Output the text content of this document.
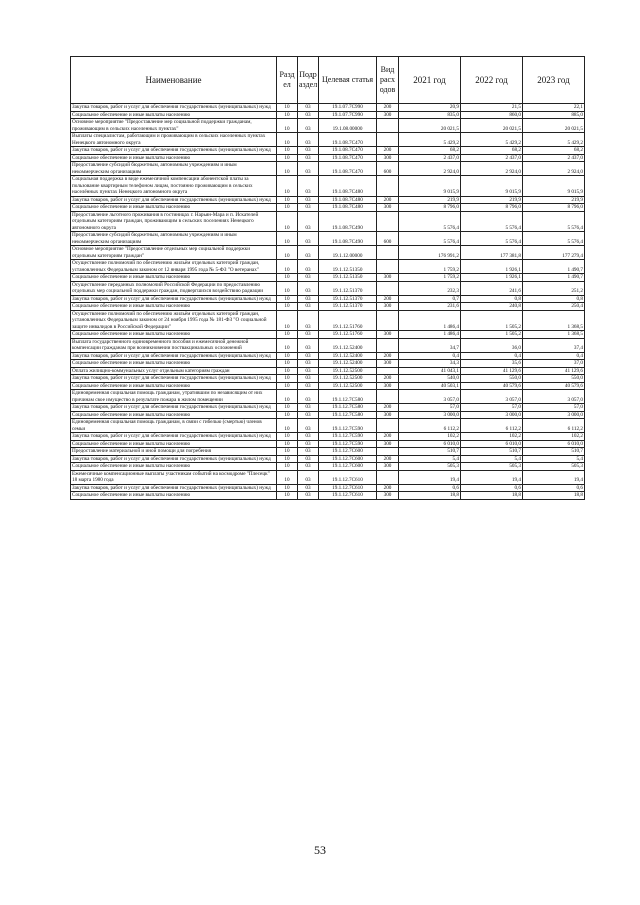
Наименование	Разд ел	Подр аздел	Целевая статья	Вид расх одов	2021 год	2022 год	2023 год
Закупка товаров, работ и услуг для обеспечения государственных (муниципальных) нужд	10	03	19.1.07.7C990	200	20,9	21,5	22,1
Социальное обеспечение и иные выплаты населению	10	03	19.1.07.7C990	300	835,0	860,0	885,0
Основное мероприятие "Предоставление мер социальной поддержки гражданам, проживающим в сельских населенных пунктах"	10	03	19.1.08.00000		20 021,5	20 021,5	20 021,5
Выплаты специалистам, работающим и проживающим в сельских населенных пунктах Ненецкого автономного округа	10	03	19.1.08.7C470		5 429,2	5 429,2	5 429,2
Закупка товаров, работ и услуг для обеспечения государственных (муниципальных) нужд	10	03	19.1.08.7C470	200	68,2	68,2	68,2
Социальное обеспечение и иные выплаты населению	10	03	19.1.08.7C470	300	2 437,0	2 437,0	2 437,0
Предоставление субсидий бюджетным, автономным учреждениям и иным некоммерческим организациям	10	03	19.1.08.7C470	600	2 924,0	2 924,0	2 924,0
Социальная поддержка в виде ежемесячной компенсации абонентской платы за пользование квартирным телефоном лицам, постоянно проживающим в сельских населённых пунктах Ненецкого автономного округа	10	03	19.1.08.7C480		9 015,9	9 015,9	9 015,9
Закупка товаров, работ и услуг для обеспечения государственных (муниципальных) нужд	10	03	19.1.08.7C480	200	219,9	219,9	219,9
Социальное обеспечение и иные выплаты населению	10	03	19.1.08.7C480	300	8 796,0	8 796,0	8 796,0
Предоставление льготного проживания в гостиницах г. Нарьян-Мара и п. Искателей отдельным категориям граждан, проживающим в сельских поселениях Ненецкого автономного округа	10	03	19.1.08.7C490		5 576,4	5 576,4	5 576,4
Предоставление субсидий бюджетным, автономным учреждениям и иным некоммерческим организациям	10	03	19.1.08.7C490	600	5 576,4	5 576,4	5 576,4
Основное мероприятие "Предоставление отдельных мер социальной поддержки отдельным категориям граждан"	10	03	19.1.12.00000		176 991,2	177 381,8	177 279,4
Осуществление полномочий по обеспечению жильём отдельных категорий граждан, установленных Федеральным законом от 12 января 1995 года № 5-ФЗ "О ветеранах"	10	03	19.1.12.51350		1 759,2	1 926,1	1 490,7
Социальное обеспечение и иные выплаты населению	10	03	19.1.12.51350	300	1 759,2	1 926,1	1 490,7
Осуществление переданных полномочий Российской Федерации по предоставлению отдельных мер социальной поддержки граждан, подвергшихся воздействию радиации	10	03	19.1.12.51370		232,3	241,6	251,2
Закупка товаров, работ и услуг для обеспечения государственных (муниципальных) нужд	10	03	19.1.12.51370	200	0,7	0,8	0,8
Социальное обеспечение и иные выплаты населению	10	03	19.1.12.51370	300	231,6	240,8	250,4
Осуществление полномочий по обеспечению жильём отдельных категорий граждан, установленных Федеральным законом от 24 ноября 1995 года № 181-ФЗ "О социальной защите инвалидов в Российской Федерации"	10	03	19.1.12.51760		1 486,4	1 505,2	1 368,5
Социальное обеспечение и иные выплаты населению	10	03	19.1.12.51760	300	1 486,4	1 505,2	1 368,5
Выплата государственного единовременного пособия и ежемесячной денежной компенсации гражданам при возникновении поствакцинальных осложнений	10	03	19.1.12.52400		34,7	36,0	37,4
Закупка товаров, работ и услуг для обеспечения государственных (муниципальных) нужд	10	03	19.1.12.52400	200	0,4	0,4	0,4
Социальное обеспечение и иные выплаты населению	10	03	19.1.12.52400	300	34,3	35,6	37,0
Оплата жилищно-коммунальных услуг отдельным категориям граждан	10	03	19.1.12.52500		41 043,1	41 129,6	41 129,6
Закупка товаров, работ и услуг для обеспечения государственных (муниципальных) нужд	10	03	19.1.12.52500	200	540,0	550,0	550,0
Социальное обеспечение и иные выплаты населению	10	03	19.1.12.52500	300	40 503,1	40 579,6	40 579,6
Единовременная социальная помощь гражданам, утратившим по независящим от них причинам свое имущество в результате пожара в жилом помещении	10	03	19.1.12.7C580		3 057,0	3 057,0	3 057,0
Закупка товаров, работ и услуг для обеспечения государственных (муниципальных) нужд	10	03	19.1.12.7C580	200	57,0	57,0	57,0
Социальное обеспечение и иные выплаты населению	10	03	19.1.12.7C580	300	3 000,0	3 000,0	3 000,0
Единовременная социальная помощь гражданам, в связи с гибелью (смертью) членов семьи	10	03	19.1.12.7C590		6 112,2	6 112,2	6 112,2
Закупка товаров, работ и услуг для обеспечения государственных (муниципальных) нужд	10	03	19.1.12.7C590	200	102,2	102,2	102,2
Социальное обеспечение и иные выплаты населению	10	03	19.1.12.7C590	300	6 010,0	6 010,0	6 010,0
Предоставление материальной и иной помощи для погребения	10	03	19.1.12.7C600		510,7	510,7	510,7
Закупка товаров, работ и услуг для обеспечения государственных (муниципальных) нужд	10	03	19.1.12.7C600	200	5,4	5,4	5,4
Социальное обеспечение и иные выплаты населению	10	03	19.1.12.7C600	300	505,3	505,3	505,3
Ежемесячные компенсационные выплаты участникам событий на космодроме "Плесецк" 18 марта 1980 года	10	03	19.1.12.7C610		19,4	19,4	19,4
Закупка товаров, работ и услуг для обеспечения государственных (муниципальных) нужд	10	03	19.1.12.7C610	200	0,6	0,6	0,6
Социальное обеспечение и иные выплаты населению	10	03	19.1.12.7C610	300	18,8	18,8	18,8
53
